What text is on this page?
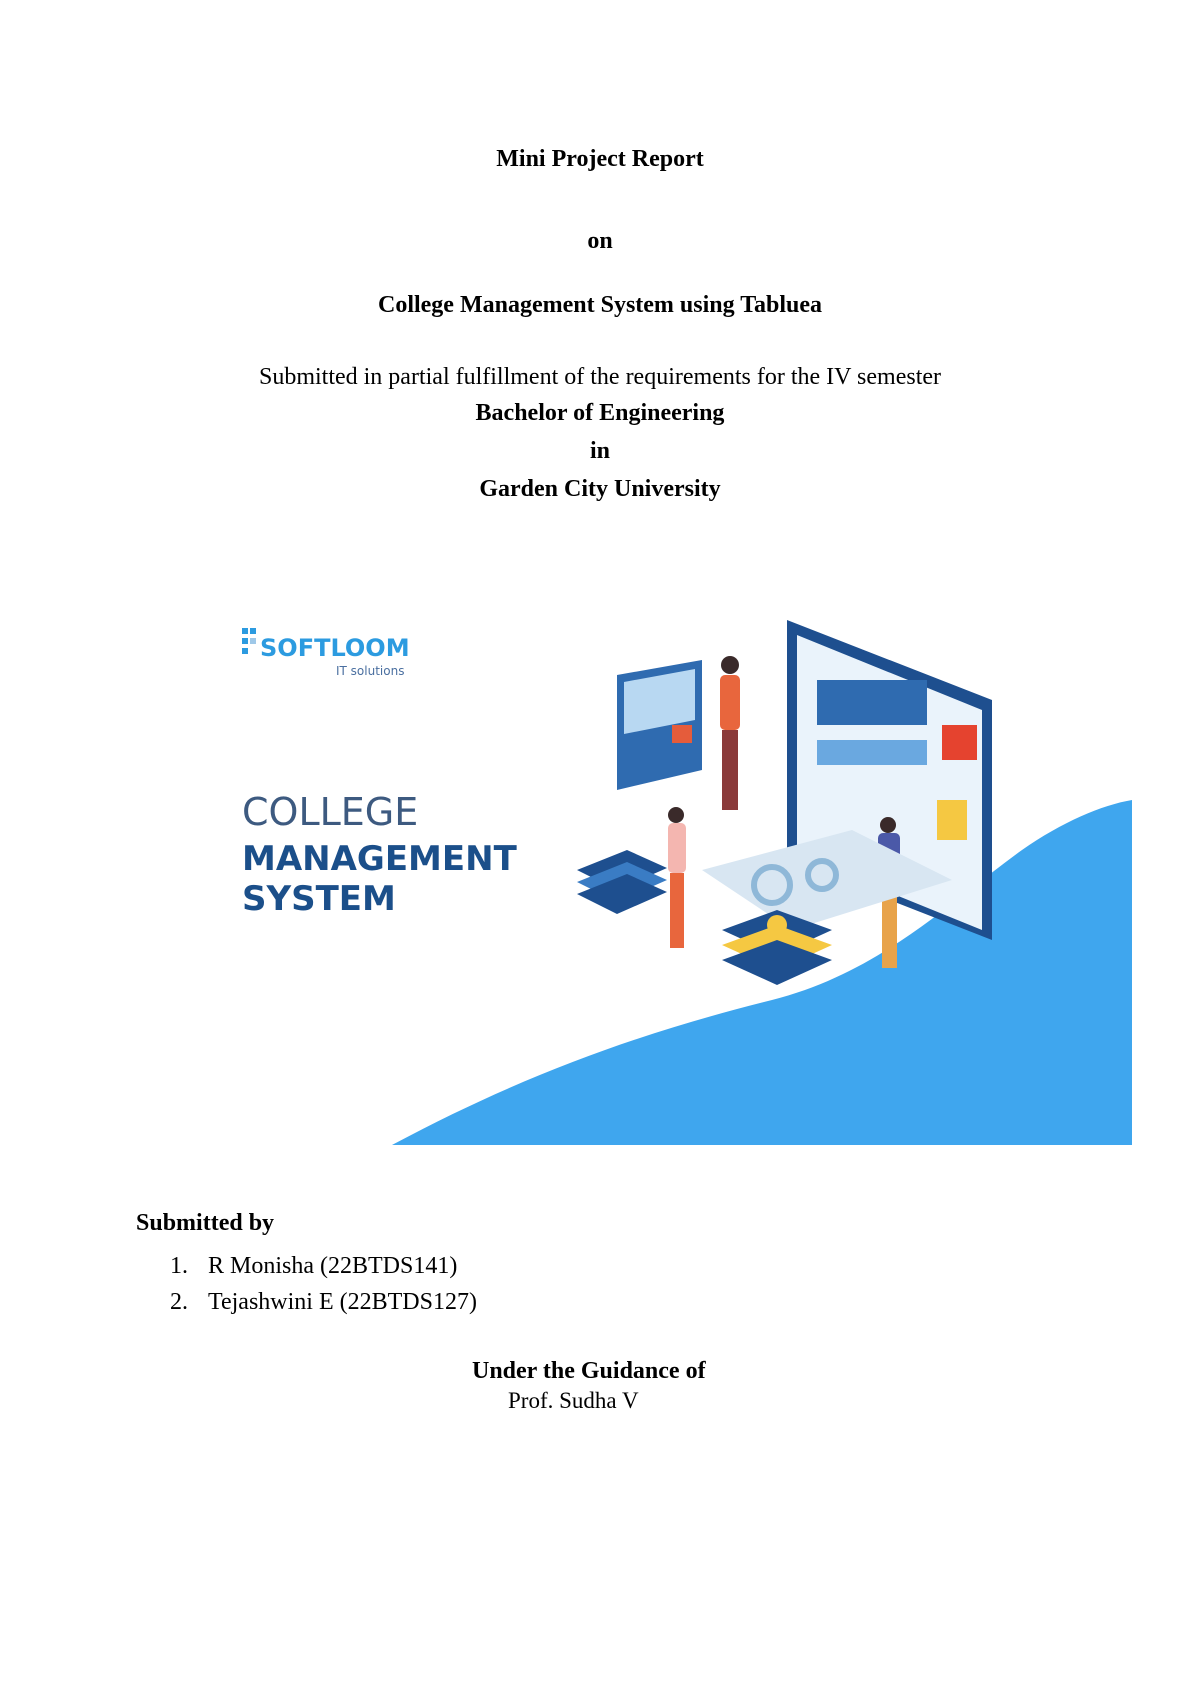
Mini Project Report
on
College Management System using Tabluea
Submitted in partial fulfillment of the requirements for the IV semester
Bachelor of Engineering
in
Garden City University
SOFTLOOM
IT solutions
COLLEGE
MANAGEMENT
SYSTEM
Submitted by
1. R Monisha (22BTDS141)
2. Tejashwini E (22BTDS127)
Under the Guidance of
Prof. Sudha V
